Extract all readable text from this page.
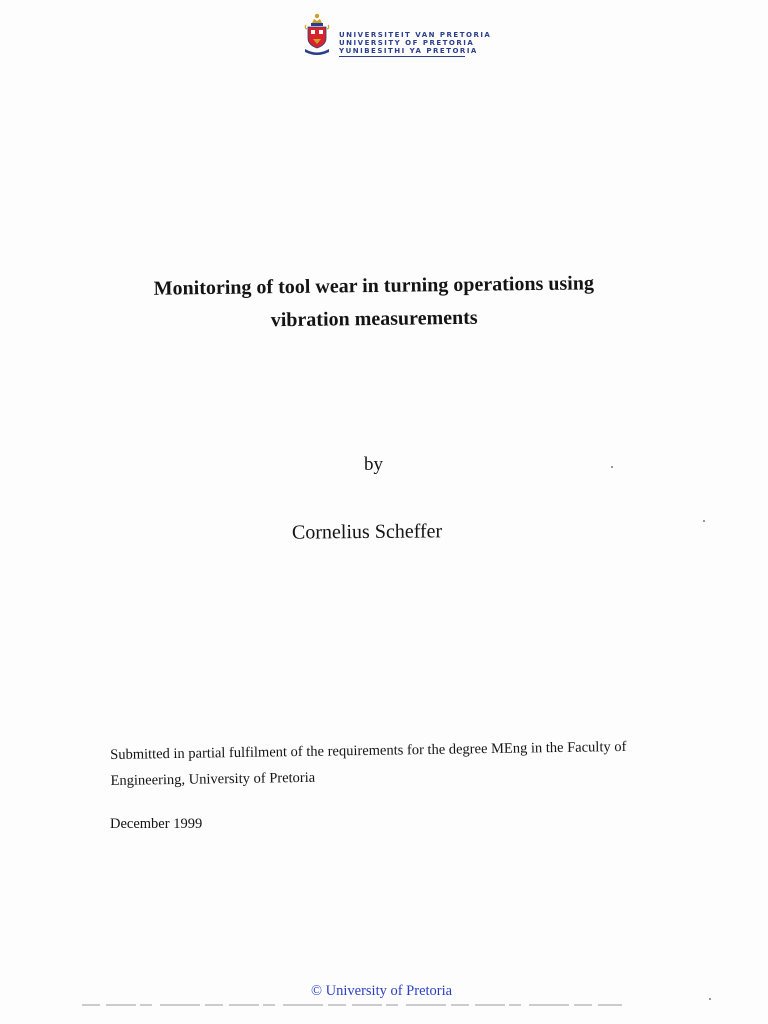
UNIVERSITEIT VAN PRETORIA
UNIVERSITY OF PRETORIA
YUNIBESITHI YA PRETORIA
Monitoring of tool wear in turning operations using
vibration measurements
by
Cornelius Scheffer
Submitted in partial fulfilment of the requirements for the degree MEng in the Faculty of
Engineering, University of Pretoria
December 1999
© University of Pretoria
